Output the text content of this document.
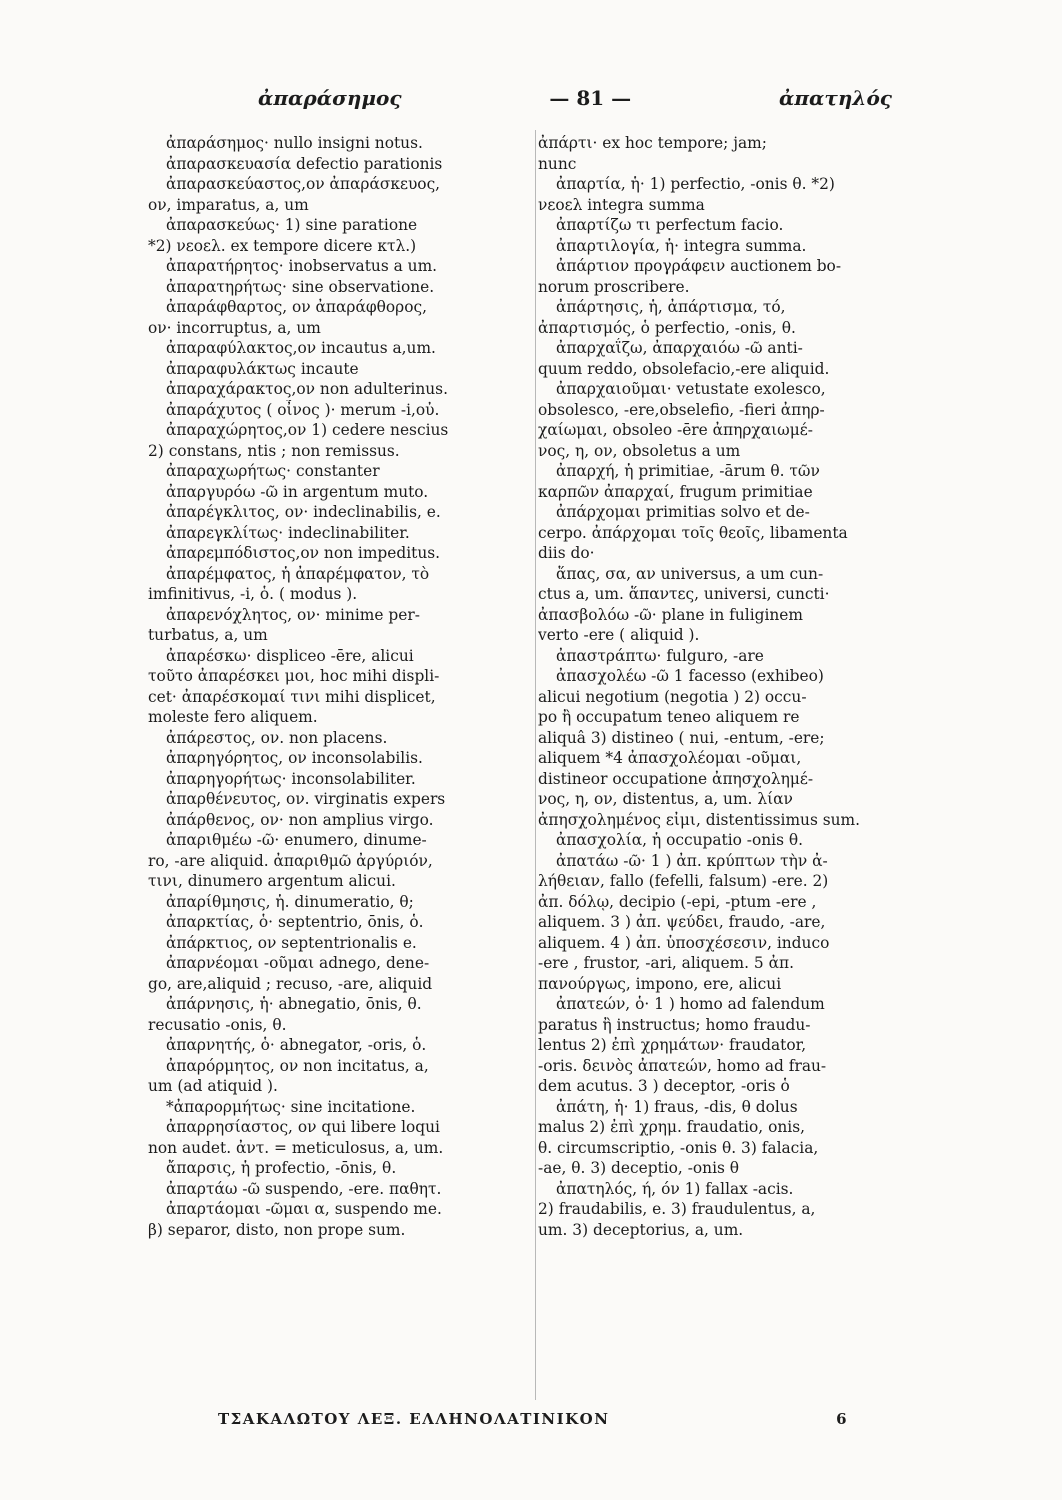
ἀπαράσημος	— 81 —	ἀπατηλός
ἀπαράσημος· nullo insigni notus.
ἀπαρασκευασία defectio parationis
ἀπαρασκεύαστος,ον ἀπαράσκευος,
ον, imparatus, a, um
ἀπαρασκεύως· 1) sine paratione
*2) νεοελ. ex tempore dicere κτλ.)
ἀπαρατήρητος· inobservatus a um.
ἀπαρατηρήτως· sine observatione.
ἀπαράφθαρτος, ον ἀπαράφθορος,
ον· incorruptus, a, um
ἀπαραφύλακτος,ον incautus a,um.
ἀπαραφυλάκτως incaute
ἀπαραχάρακτος,ον non adulterinus.
ἀπαράχυτος ( οἶνος )· merum -i,οὐ.
ἀπαραχώρητος,ον 1) cedere nescius
2) constans, ntis ; non remissus.
ἀπαραχωρήτως· constanter
ἀπαργυρόω -ῶ in argentum muto.
ἀπαρέγκλιτος, ον· indeclinabilis, e.
ἀπαρεγκλίτως· indeclinabiliter.
ἀπαρεμπόδιστος,ον non impeditus.
ἀπαρέμφατος, ἡ ἀπαρέμφατον, τὸ
imfinitivus, -i, ὁ. ( modus ).
ἀπαρενόχλητος, ον· minime per-
turbatus, a, um
ἀπαρέσκω· displiceo -ēre, alicui
τοῦτο ἀπαρέσκει μοι, hoc mihi displi-
cet· ἀπαρέσκομαί τινι mihi displicet,
moleste fero aliquem.
ἀπάρεστος, ον. non placens.
ἀπαρηγόρητος, ον inconsolabilis.
ἀπαρηγορήτως· inconsolabiliter.
ἀπαρθένευτος, ον. virginatis expers
ἀπάρθενος, ον· non amplius virgo.
ἀπαριθμέω -ῶ· enumero, dinume-
ro, -are aliquid. ἀπαριθμῶ ἀργύριόν,
τινι, dinumero argentum alicui.
ἀπαρίθμησις, ἡ. dinumeratio, θ;
ἀπαρκτίας, ὁ· septentrio, ōnis, ὁ.
ἀπάρκτιος, ον septentrionalis e.
ἀπαρνέομαι -οῦμαι adnego, dene-
go, are,aliquid ; recuso, -are, aliquid
ἀπάρνησις, ἡ· abnegatio, ōnis, θ.
recusatio -onis, θ.
ἀπαρνητής, ὁ· abnegator, -oris, ὁ.
ἀπαρόρμητος, ον non incitatus, a,
um (ad atiquid ).
*ἀπαρορμήτως· sine incitatione.
ἀπαρρησίαστος, ον qui libere loqui
non audet. ἀντ. = meticulosus, a, um.
ἄπαρσις, ἡ profectio, -ōnis, θ.
ἀπαρτάω -ῶ suspendo, -ere. παθητ.
ἀπαρτάομαι -ῶμαι α, suspendo me.
β) separor, disto, non prope sum.
ἀπάρτι· ex hoc tempore; jam;
nunc
ἀπαρτία, ἡ· 1) perfectio, -onis θ. *2)
νεοελ integra summa
ἀπαρτίζω τι perfectum facio.
ἀπαρτιλογία, ἡ· integra summa.
ἀπάρτιον προγράφειν auctionem bo-
norum proscribere.
ἀπάρτησις, ἡ, ἀπάρτισμα, τό,
ἀπαρτισμός, ὁ perfectio, -onis, θ.
ἀπαρχαΐζω, ἀπαρχαιόω -ῶ anti-
quum reddo, obsolefacio,-ere aliquid.
ἀπαρχαιοῦμαι· vetustate exolesco,
obsolesco, -ere,obselefio, -fieri ἀπηρ-
χαίωμαι, obsoleo -ēre ἀπηρχαιωμέ-
νος, η, ον, obsoletus a um
ἀπαρχή, ἡ primitiae, -ārum θ. τῶν
καρπῶν ἀπαρχαί, frugum primitiae
ἀπάρχομαι primitias solvo et de-
cerpo. ἀπάρχομαι τοῖς θεοῖς, libamenta
diis do·
ἅπας, σα, αν universus, a um cun-
ctus a, um. ἅπαντες, universi, cuncti·
ἀπασβολόω -ῶ· plane in fuliginem
verto -ere ( aliquid ).
ἀπαστράπτω· fulguro, -are
ἀπασχολέω -ῶ 1 facesso (exhibeo)
alicui negotium (negotia ) 2) occu-
po ἢ occupatum teneo aliquem re
aliquâ 3) distineo ( nui, -entum, -ere;
aliquem *4 ἀπασχολέομαι -οῦμαι,
distineor occupatione ἀπησχολημέ-
νος, η, ον, distentus, a, um. λίαν
ἀπησχολημένος εἰμι, distentissimus sum.
ἀπασχολία, ἡ occupatio -onis θ.
ἀπατάω -ῶ· 1 ) ἀπ. κρύπτων τὴν ἀ-
λήθειαν, fallo (fefelli, falsum) -ere. 2)
ἀπ. δόλῳ, decipio (-epi, -ptum -ere ,
aliquem. 3 ) ἀπ. ψεύδει, fraudo, -are,
aliquem. 4 ) ἀπ. ὑποσχέσεσιν, induco
-ere , frustor, -ari, aliquem. 5 ἀπ.
πανούργως, impono, ere, alicui
ἀπατεών, ὁ· 1 ) homo ad falendum
paratus ἢ instructus; homo fraudu-
lentus 2) ἐπὶ χρημάτων· fraudator,
-oris. δεινὸς ἀπατεών, homo ad frau-
dem acutus. 3 ) deceptor, -oris ὁ
ἀπάτη, ἡ· 1) fraus, -dis, θ dolus
malus 2) ἐπὶ χρημ. fraudatio, onis,
θ. circumscriptio, -onis θ. 3) falacia,
-ae, θ. 3) deceptio, -onis θ
ἀπατηλός, ή, όν 1) fallax -acis.
2) fraudabilis, e. 3) fraudulentus, a,
um. 3) deceptorius, a, um.
ΤΣΑΚΑΛΩΤΟΥ ΛΕΞ. ΕΛΛΗΝΟΛΑΤΙΝΙΚΟΝ	6
